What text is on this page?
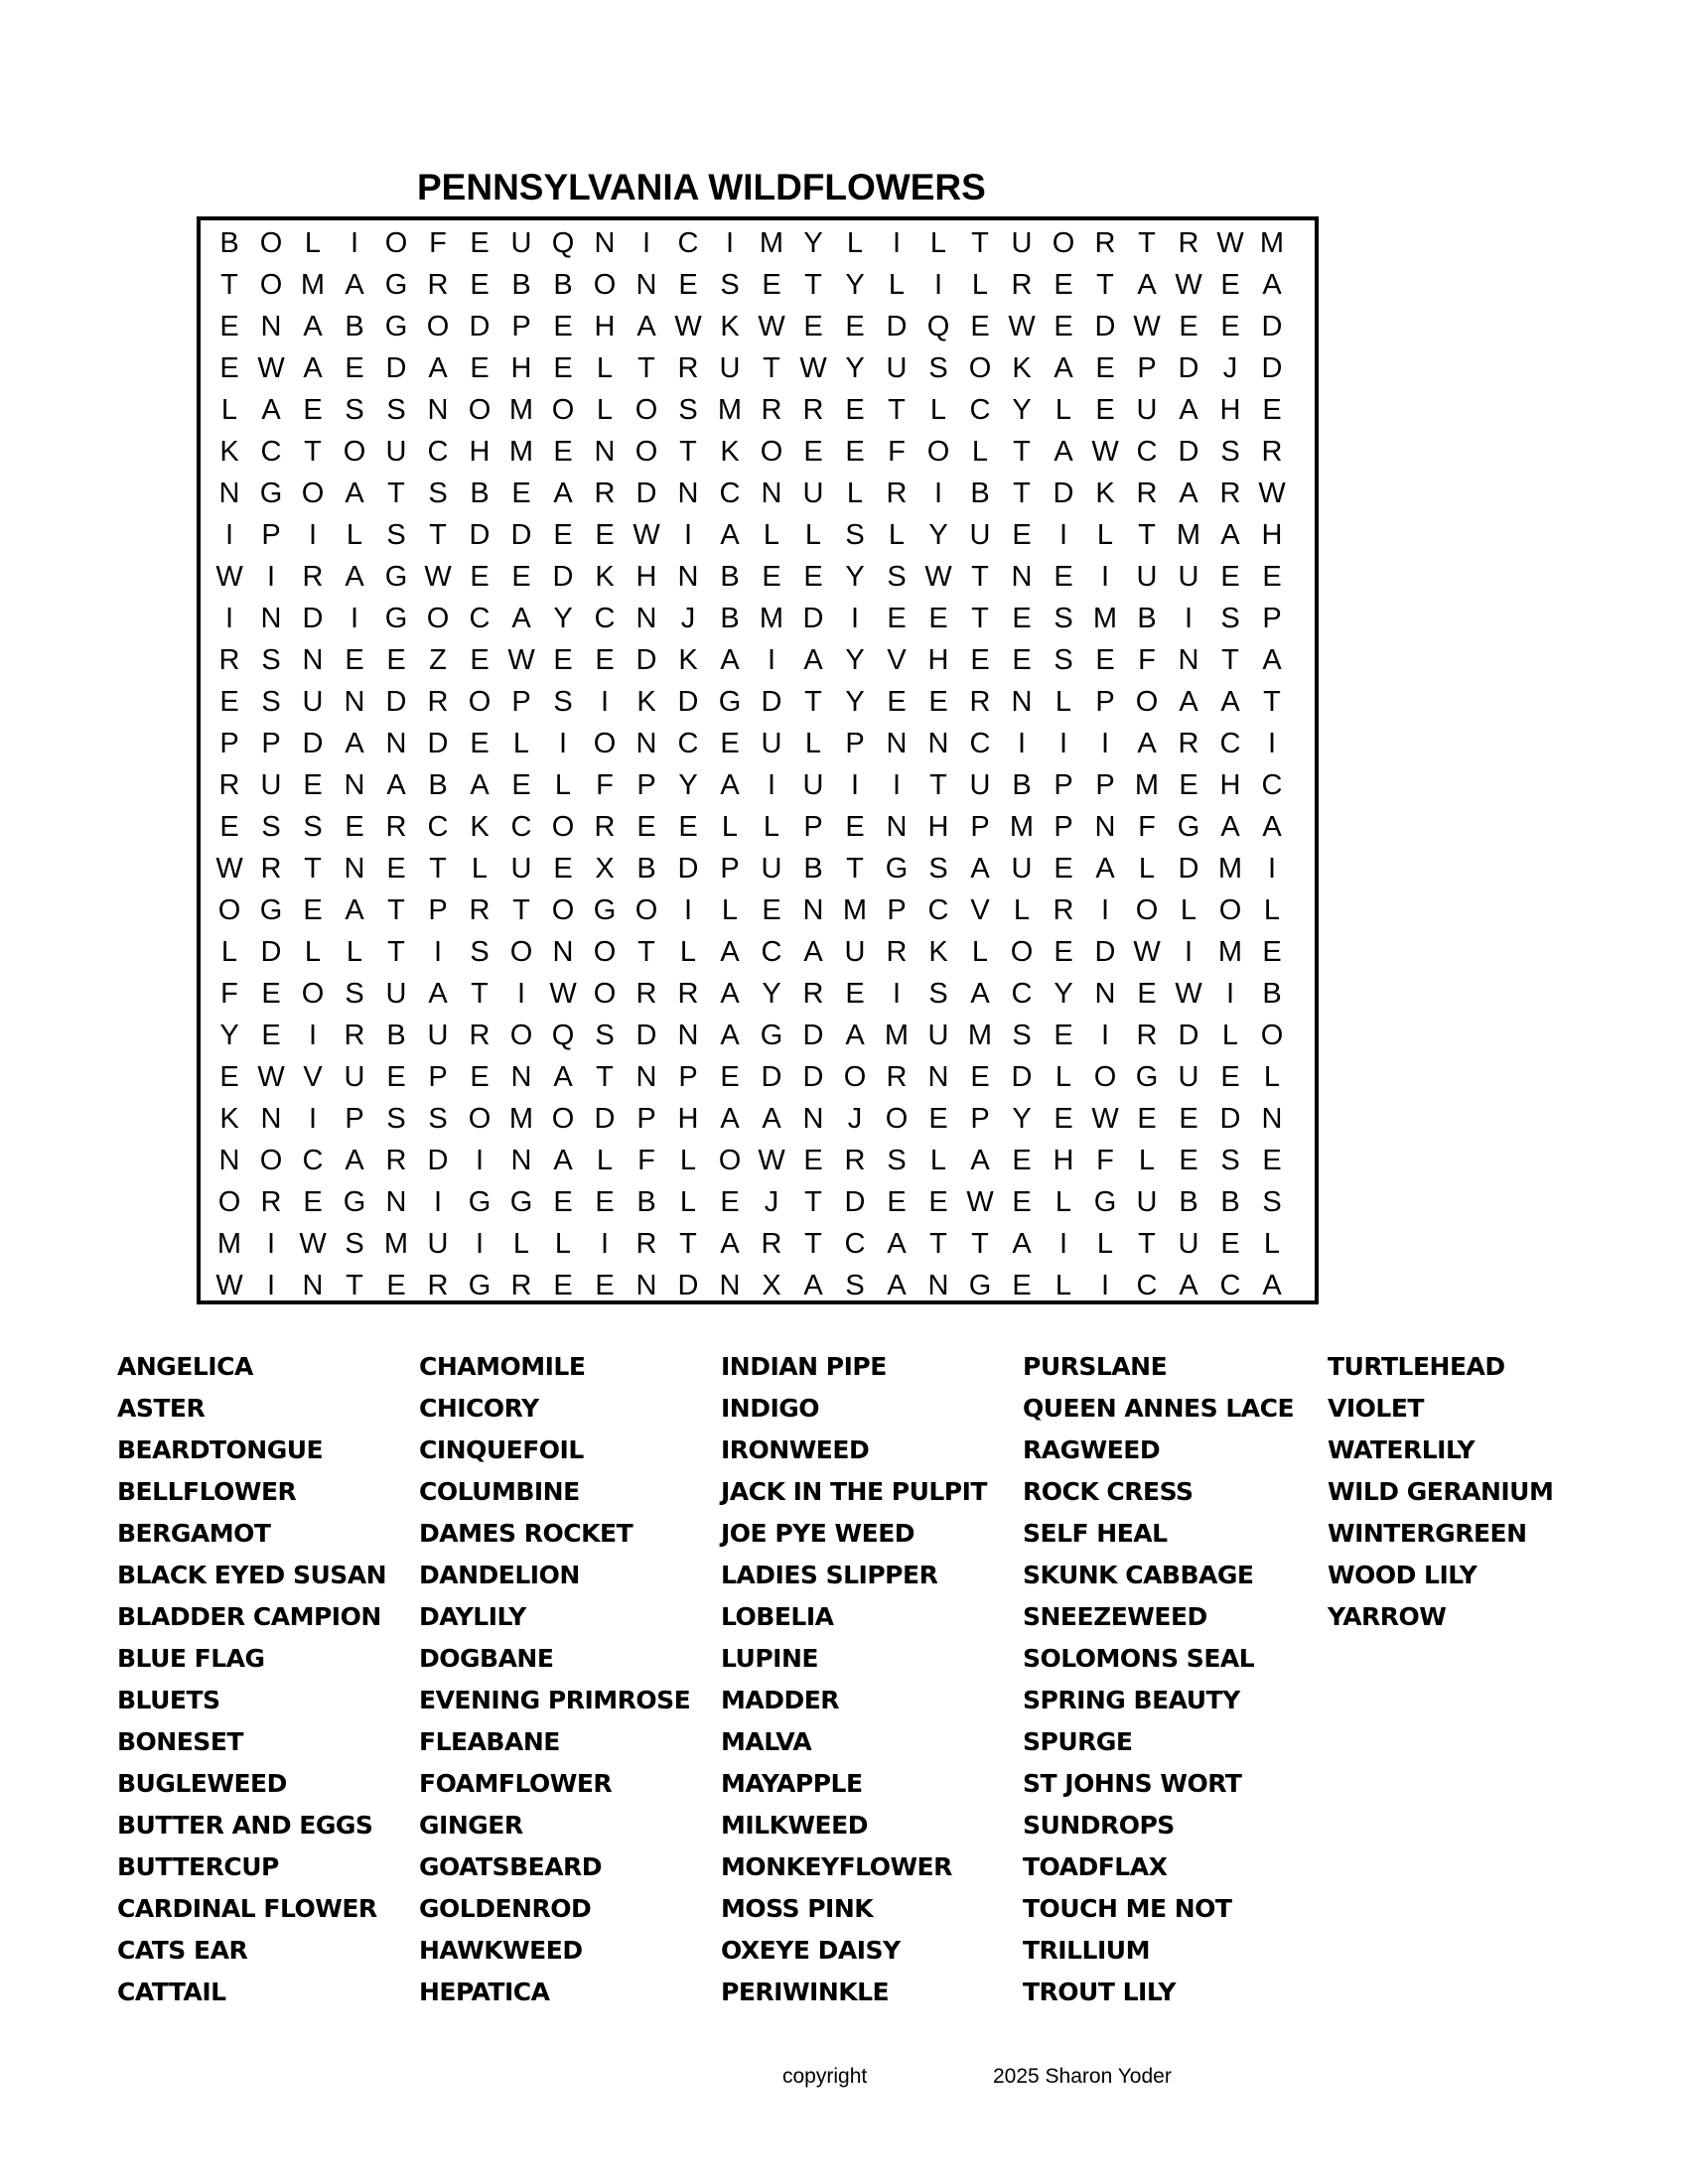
PENNSYLVANIA WILDFLOWERS
B O L	I O F E U Q N I C I M Y L	I	L T U O R T R W M
T O M A G R E B B O N E S E T Y L	I	L R E T A W E A
E N A B G O D P E H A W K W E E D Q E W E D W E E D
E W A E D A E H E L T R U T W Y U S O K A E P D J D
L A E S S N O M O L O S M R R E T L C Y L E U A H E
K C T O U C H M E N O T K O E E F O L T A W C D S R
N G O A T S B E A R D N C N U L R I B T D K R A R W
I P I	L S T D D E E W I A L L S L Y U E I	L T M A H
W I R A G W E E D K H N B E E Y S W T N E I U U E E
I N D I G O C A Y C N J B M D I E E T E S M B I S P
R S N E E Z E W E E D K A I A Y V H E E S E F N T A
E S U N D R O P S I K D G D T Y E E R N L P O A A T
P P D A N D E L	I O N C E U L P N N C I	I	I A R C I
R U E N A B A E L F P Y A I U I	I	T U B P P M E H C
E S S E R C K C O R E E L L P E N H P M P N F G A A
W R T N E T L U E X B D P U B T G S A U E A L D M I
O G E A T P R T O G O I	L E N M P C V L R I O L O L
L D L L T	I S O N O T L A C A U R K L O E D W I M E
F E O S U A T	I W O R R A Y R E I S A C Y N E W I B
Y E I R B U R O Q S D N A G D A M U M S E I R D L O
E W V U E P E N A T N P E D D O R N E D L O G U E L
K N I P S S O M O D P H A A N J O E P Y E W E E D N
N O C A R D I N A L F L O W E R S L A E H F L E S E
O R E G N I G G E E B L E J T D E E W E L G U B B S
M I W S M U I	L L	I R T A R T C A T T A I	L T U E L
W I N T E R G R E E N D N X A S A N G E L	I C A C A
ANGELICA
ASTER
BEARDTONGUE
BELLFLOWER
BERGAMOT
BLACK EYED SUSAN
BLADDER CAMPION
BLUE FLAG
BLUETS
BONESET
BUGLEWEED
BUTTER AND EGGS
BUTTERCUP
CARDINAL FLOWER
CATS EAR
CATTAIL
CHAMOMILE
CHICORY
CINQUEFOIL
COLUMBINE
DAMES ROCKET
DANDELION
DAYLILY
DOGBANE
EVENING PRIMROSE
FLEABANE
FOAMFLOWER
GINGER
GOATSBEARD
GOLDENROD
HAWKWEED
HEPATICA
INDIAN PIPE
INDIGO
IRONWEED
JACK IN THE PULPIT
JOE PYE WEED
LADIES SLIPPER
LOBELIA
LUPINE
MADDER
MALVA
MAYAPPLE
MILKWEED
MONKEYFLOWER
MOSS PINK
OXEYE DAISY
PERIWINKLE
PURSLANE
QUEEN ANNES LACE
RAGWEED
ROCK CRESS
SELF HEAL
SKUNK CABBAGE
SNEEZEWEED
SOLOMONS SEAL
SPRING BEAUTY
SPURGE
ST JOHNS WORT
SUNDROPS
TOADFLAX
TOUCH ME NOT
TRILLIUM
TROUT LILY
TURTLEHEAD
VIOLET
WATERLILY
WILD GERANIUM
WINTERGREEN
WOOD LILY
YARROW
copyright	2025 Sharon Yoder
